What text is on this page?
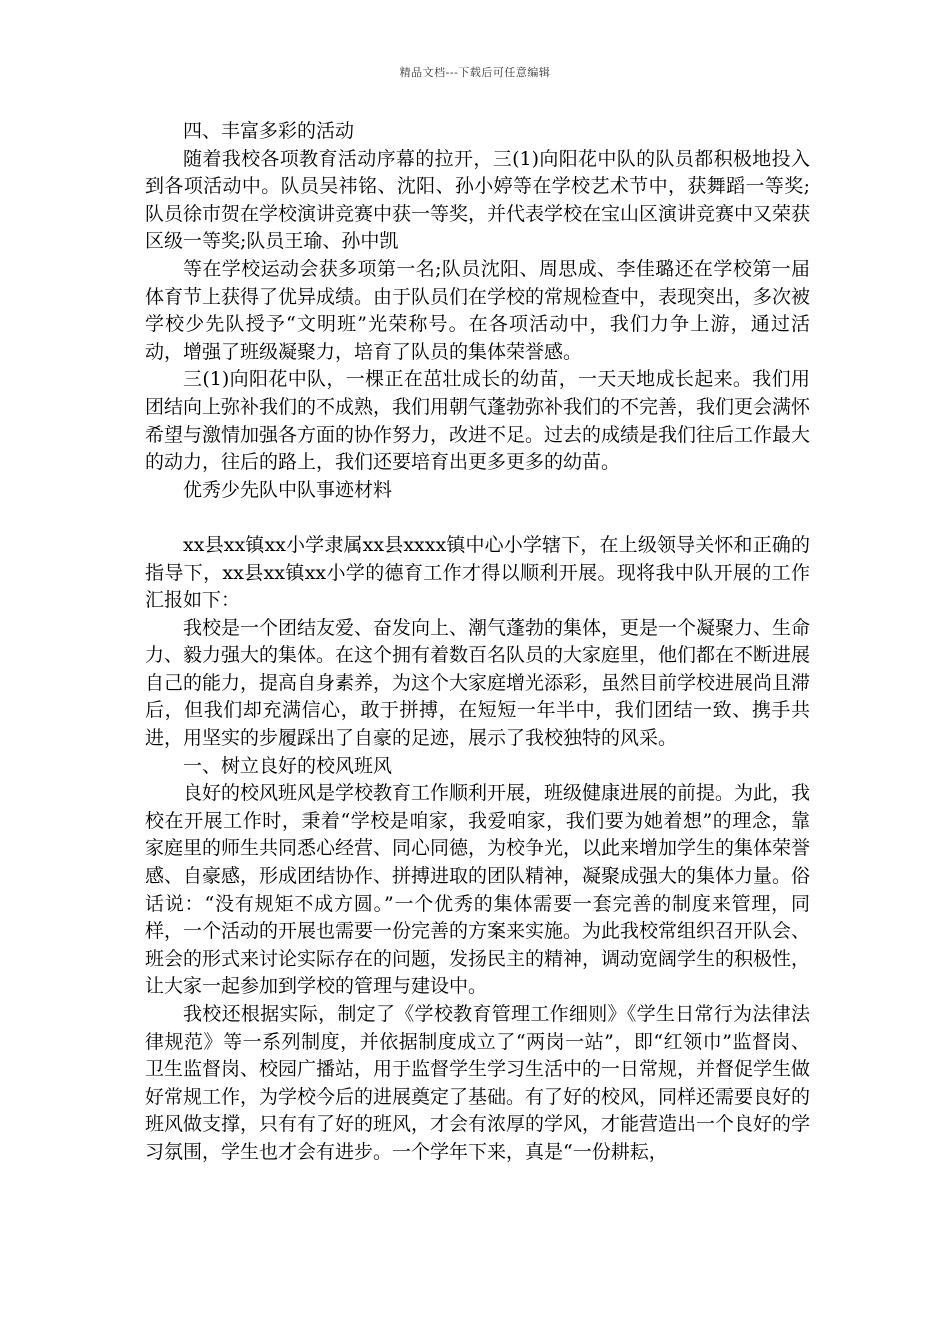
精品文档---下载后可任意编辑

四、丰富多彩的活动

随着我校各项教育活动序幕的拉开，三(1)向阳花中队的队员都积极地投入到各项活动中。队员吴祎铭、沈阳、孙小婷等在学校艺术节中，获舞蹈一等奖;队员徐巿贺在学校演讲竞赛中获一等奖，并代表学校在宝山区演讲竞赛中又荣获区级一等奖;队员王瑜、孙中凯

等在学校运动会获多项第一名;队员沈阳、周思成、李佳璐还在学校第一届体育节上获得了优异成绩。由于队员们在学校的常规检查中，表现突出，多次被学校少先队授予“文明班”光荣称号。在各项活动中，我们力争上游，通过活动，增强了班级凝聚力，培育了队员的集体荣誉感。

三(1)向阳花中队，一棵正在茁壮成长的幼苗，一天天地成长起来。我们用团结向上弥补我们的不成熟，我们用朝气蓬勃弥补我们的不完善，我们更会满怀希望与激情加强各方面的协作努力，改进不足。过去的成绩是我们往后工作最大的动力，往后的路上，我们还要培育出更多更多的幼苗。

优秀少先队中队事迹材料

xx县xx镇xx小学隶属xx县xxxx镇中心小学辖下，在上级领导关怀和正确的指导下，xx县xx镇xx小学的德育工作才得以顺利开展。现将我中队开展的工作汇报如下：

我校是一个团结友爱、奋发向上、潮气蓬勃的集体，更是一个凝聚力、生命力、毅力强大的集体。在这个拥有着数百名队员的大家庭里，他们都在不断进展自己的能力，提高自身素养，为这个大家庭增光添彩，虽然目前学校进展尚且滞后，但我们却充满信心，敢于拼搏，在短短一年半中，我们团结一致、携手共进，用坚实的步履踩出了自豪的足迹，展示了我校独特的风采。

一、树立良好的校风班风

良好的校风班风是学校教育工作顺利开展，班级健康进展的前提。为此，我校在开展工作时，秉着“学校是咱家，我爱咱家，我们要为她着想”的理念，靠家庭里的师生共同悉心经营、同心同德，为校争光，以此来增加学生的集体荣誉感、自豪感，形成团结协作、拼搏进取的团队精神，凝聚成强大的集体力量。俗话说：“没有规矩不成方圆。”一个优秀的集体需要一套完善的制度来管理，同样，一个活动的开展也需要一份完善的方案来实施。为此我校常组织召开队会、班会的形式来讨论实际存在的问题，发扬民主的精神，调动宽阔学生的积极性，让大家一起参加到学校的管理与建设中。

我校还根据实际，制定了《学校教育管理工作细则》《学生日常行为法律法律规范》等一系列制度，并依据制度成立了“两岗一站”，即“红领巾”监督岗、卫生监督岗、校园广播站，用于监督学生学习生活中的一日常规，并督促学生做好常规工作，为学校今后的进展奠定了基础。有了好的校风，同样还需要良好的班风做支撑，只有有了好的班风，才会有浓厚的学风，才能营造出一个良好的学习氛围，学生也才会有进步。一个学年下来，真是“一份耕耘，
